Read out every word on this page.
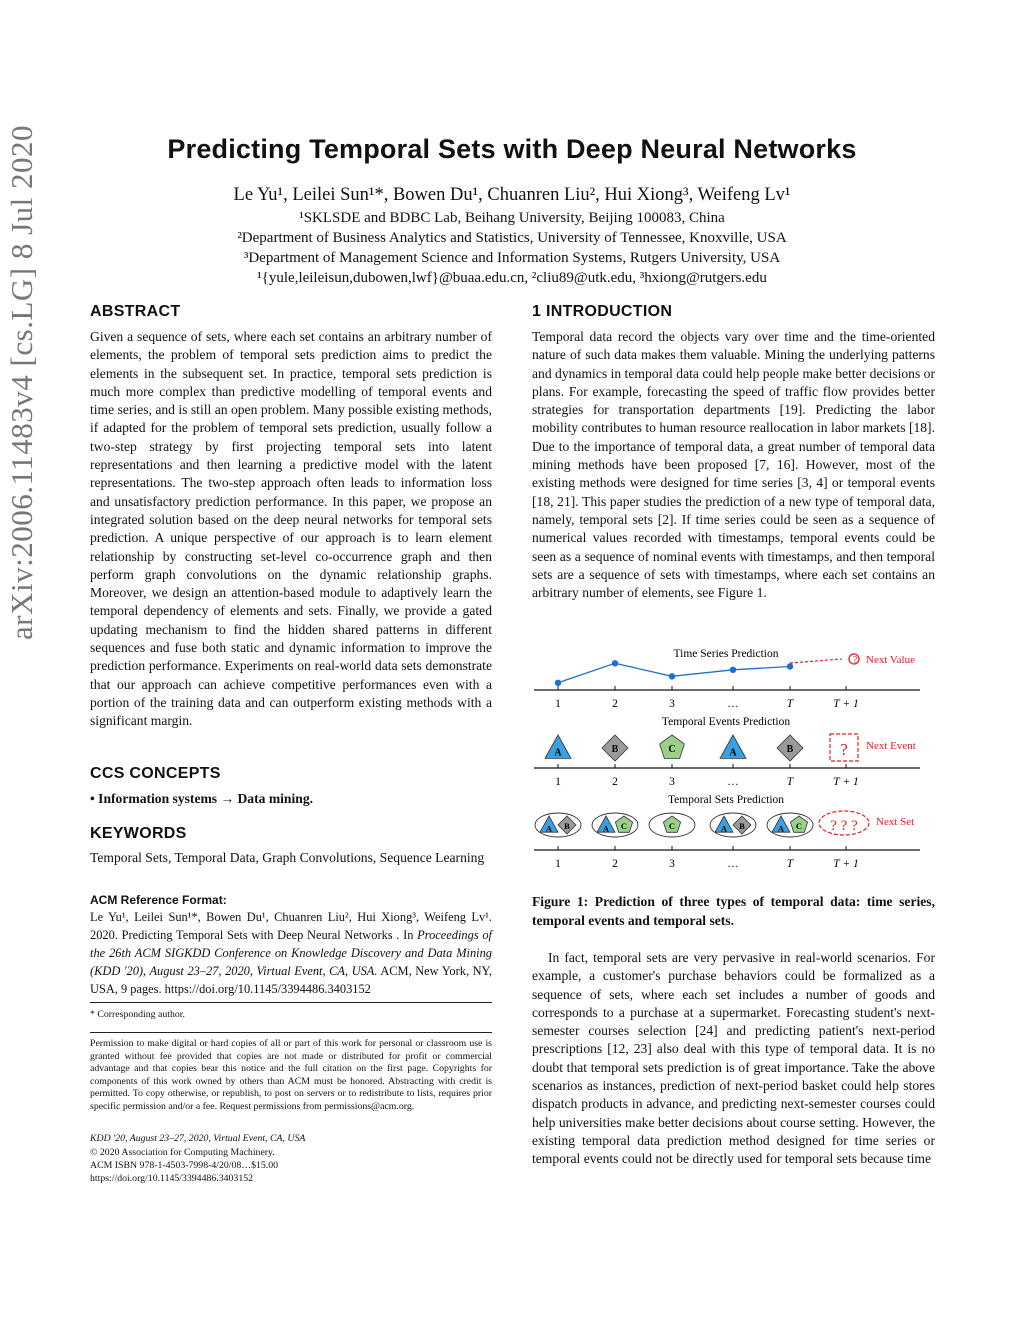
arXiv:2006.11483v4 [cs.LG] 8 Jul 2020	Predicting Temporal Sets with Deep Neural Networks
Le Yu¹, Leilei Sun¹*, Bowen Du¹, Chuanren Liu², Hui Xiong³, Weifeng Lv¹
¹SKLSDE and BDBC Lab, Beihang University, Beijing 100083, China
²Department of Business Analytics and Statistics, University of Tennessee, Knoxville, USA
³Department of Management Science and Information Systems, Rutgers University, USA
¹{yule,leileisun,dubowen,lwf}@buaa.edu.cn, ²cliu89@utk.edu, ³hxiong@rutgers.edu
ABSTRACT

Given a sequence of sets, where each set contains an arbitrary number of elements, the problem of temporal sets prediction aims to predict the elements in the subsequent set. In practice, temporal sets prediction is much more complex than predictive modelling of temporal events and time series, and is still an open problem. Many possible existing methods, if adapted for the problem of temporal sets prediction, usually follow a two-step strategy by first projecting temporal sets into latent representations and then learning a predictive model with the latent representations. The two-step approach often leads to information loss and unsatisfactory prediction performance. In this paper, we propose an integrated solution based on the deep neural networks for temporal sets prediction. A unique perspective of our approach is to learn element relationship by constructing set-level co-occurrence graph and then perform graph convolutions on the dynamic relationship graphs. Moreover, we design an attention-based module to adaptively learn the temporal dependency of elements and sets. Finally, we provide a gated updating mechanism to find the hidden shared patterns in different sequences and fuse both static and dynamic information to improve the prediction performance. Experiments on real-world data sets demonstrate that our approach can achieve competitive performances even with a portion of the training data and can outperform existing methods with a significant margin.

CCS CONCEPTS

• Information systems → Data mining.

KEYWORDS

Temporal Sets, Temporal Data, Graph Convolutions, Sequence Learning

ACM Reference Format:

Le Yu¹, Leilei Sun¹*, Bowen Du¹, Chuanren Liu², Hui Xiong³, Weifeng Lv¹. 2020. Predicting Temporal Sets with Deep Neural Networks . In Proceedings of the 26th ACM SIGKDD Conference on Knowledge Discovery and Data Mining (KDD '20), August 23–27, 2020, Virtual Event, CA, USA. ACM, New York, NY, USA, 9 pages. https://doi.org/10.1145/3394486.3403152

* Corresponding author.

Permission to make digital or hard copies of all or part of this work for personal or classroom use is granted without fee provided that copies are not made or distributed for profit or commercial advantage and that copies bear this notice and the full citation on the first page. Copyrights for components of this work owned by others than ACM must be honored. Abstracting with credit is permitted. To copy otherwise, or republish, to post on servers or to redistribute to lists, requires prior specific permission and/or a fee. Request permissions from permissions@acm.org.

KDD '20, August 23–27, 2020, Virtual Event, CA, USA
© 2020 Association for Computing Machinery.
ACM ISBN 978-1-4503-7998-4/20/08…$15.00
https://doi.org/10.1145/3394486.3403152
1 INTRODUCTION

Temporal data record the objects vary over time and the time-oriented nature of such data makes them valuable. Mining the underlying patterns and dynamics in temporal data could help people make better decisions or plans. For example, forecasting the speed of traffic flow provides better strategies for transportation departments [19]. Predicting the labor mobility contributes to human resource reallocation in labor markets [18]. Due to the importance of temporal data, a great number of temporal data mining methods have been proposed [7, 16]. However, most of the existing methods were designed for time series [3, 4] or temporal events [18, 21]. This paper studies the prediction of a new type of temporal data, namely, temporal sets [2]. If time series could be seen as a sequence of numerical values recorded with timestamps, temporal events could be seen as a sequence of nominal events with timestamps, and then temporal sets are a sequence of sets with timestamps, where each set contains an arbitrary number of elements, see Figure 1.

Time Series Prediction
1	2	3	…	T	T + 1
? Next Value
Temporal Events Prediction
1	2	3	…	T	T + 1
A	B	C	A	B	? Next Event
Temporal Sets Prediction
1	2	3	…	T	T + 1
A B	A C	C	A B	A C ? ? ? Next Set

Figure 1: Prediction of three types of temporal data: time series, temporal events and temporal sets.

In fact, temporal sets are very pervasive in real-world scenarios. For example, a customer's purchase behaviors could be formalized as a sequence of sets, where each set includes a number of goods and corresponds to a purchase at a supermarket. Forecasting student's next-semester courses selection [24] and predicting patient's next-period prescriptions [12, 23] also deal with this type of temporal data. It is no doubt that temporal sets prediction is of great importance. Take the above scenarios as instances, prediction of next-period basket could help stores dispatch products in advance, and predicting next-semester courses could help universities make better decisions about course setting. However, the existing temporal data prediction method designed for time series or temporal events could not be directly used for temporal sets because time
